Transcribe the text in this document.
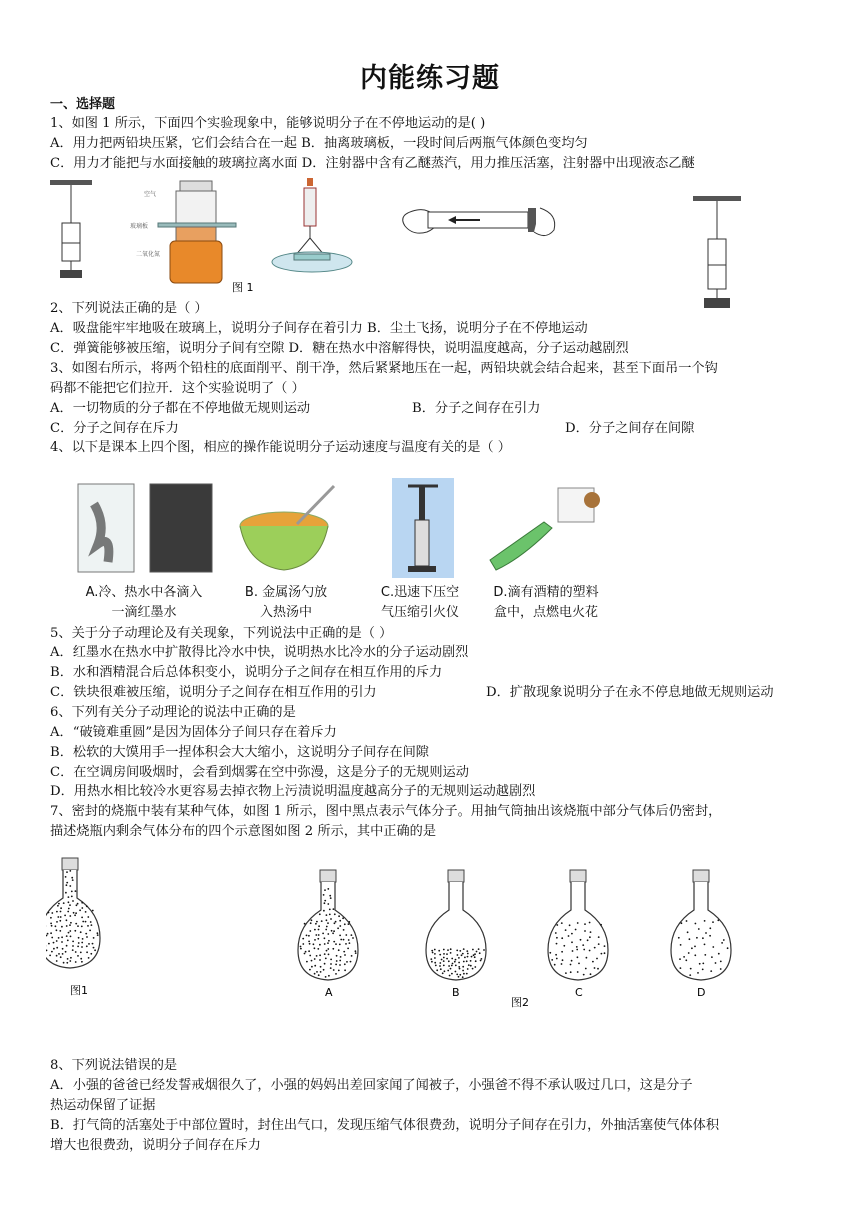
内能练习题
一、选择题
1、如图 1 所示，下面四个实验现象中，能够说明分子在不停地运动的是( )
A．用力把两铅块压紧，它们会结合在一起 B．抽离玻璃板，一段时间后两瓶气体颜色变均匀
C．用力才能把与水面接触的玻璃拉离水面 D．注射器中含有乙醚蒸汽，用力推压活塞，注射器中出现液态乙醚
空气
玻璃板
二氧化氮
图 1
2、下列说法正确的是（ ）
A．吸盘能牢牢地吸在玻璃上，说明分子间存在着引力 B．尘土飞扬，说明分子在不停地运动
C．弹簧能够被压缩，说明分子间有空隙 D．糖在热水中溶解得快，说明温度越高，分子运动越剧烈
3、如图右所示，将两个铅柱的底面削平、削干净，然后紧紧地压在一起，两铅块就会结合起来，甚至下面吊一个钩
码都不能把它们拉开．这个实验说明了（ ）
A．一切物质的分子都在不停地做无规则运动	B．分子之间存在引力
C．分子之间存在斥力	D．分子之间存在间隙
4、以下是课本上四个图，相应的操作能说明分子运动速度与温度有关的是（ ）
A.冷、热水中各滴入
一滴红墨水
B. 金属汤勺放
入热汤中
C.迅速下压空
气压缩引火仪
D.滴有酒精的塑料
盒中，点燃电火花
5、关于分子动理论及有关现象，下列说法中正确的是（ ）
A．红墨水在热水中扩散得比冷水中快，说明热水比冷水的分子运动剧烈
B．水和酒精混合后总体积变小，说明分子之间存在相互作用的斥力
C．铁块很难被压缩，说明分子之间存在相互作用的引力	D．扩散现象说明分子在永不停息地做无规则运动
6、下列有关分子动理论的说法中正确的是
A．“破镜难重圆”是因为固体分子间只存在着斥力
B．松软的大馍用手一捏体积会大大缩小，这说明分子间存在间隙
C．在空调房间吸烟时，会看到烟雾在空中弥漫，这是分子的无规则运动
D．用热水相比较冷水更容易去掉衣物上污渍说明温度越高分子的无规则运动越剧烈
7、密封的烧瓶中装有某种气体，如图 1 所示，图中黑点表示气体分子。用抽气筒抽出该烧瓶中部分气体后仍密封，
描述烧瓶内剩余气体分布的四个示意图如图 2 所示，其中正确的是
图1	A	B
图2
C	D
8、下列说法错误的是
A．小强的爸爸已经发誓戒烟很久了，小强的妈妈出差回家闻了闻被子，小强爸不得不承认吸过几口，这是分子
热运动保留了证据
B．打气筒的活塞处于中部位置时，封住出气口，发现压缩气体很费劲，说明分子间存在引力，外抽活塞使气体体积
增大也很费劲，说明分子间存在斥力
